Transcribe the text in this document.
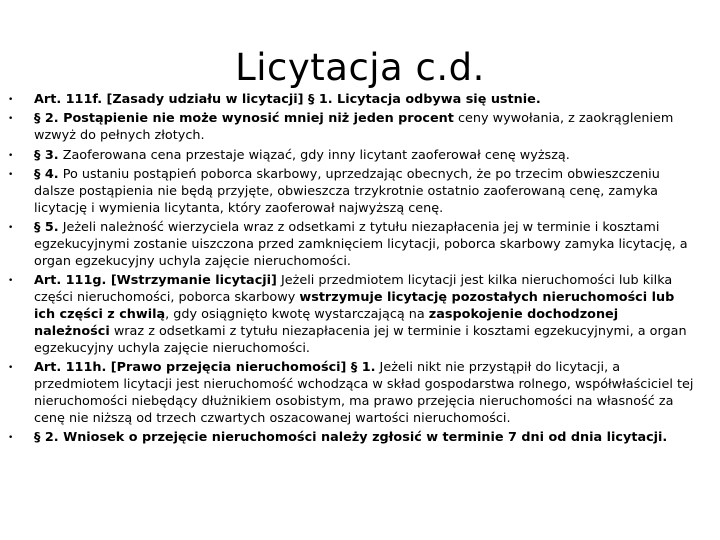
Licytacja c.d.
• Art. 111f. [Zasady udziału w licytacji] § 1. Licytacja odbywa się ustnie.
• § 2. Postąpienie nie może wynosić mniej niż jeden procent ceny wywołania, z zaokrągleniem wzwyż do pełnych złotych.
• § 3. Zaoferowana cena przestaje wiązać, gdy inny licytant zaoferował cenę wyższą.
• § 4. Po ustaniu postąpień poborca skarbowy, uprzedzając obecnych, że po trzecim obwieszczeniu dalsze postąpienia nie będą przyjęte, obwieszcza trzykrotnie ostatnio zaoferowaną cenę, zamyka licytację i wymienia licytanta, który zaoferował najwyższą cenę.
• § 5. Jeżeli należność wierzyciela wraz z odsetkami z tytułu niezapłacenia jej w terminie i kosztami egzekucyjnymi zostanie uiszczona przed zamknięciem licytacji, poborca skarbowy zamyka licytację, a organ egzekucyjny uchyla zajęcie nieruchomości.
• Art. 111g. [Wstrzymanie licytacji] Jeżeli przedmiotem licytacji jest kilka nieruchomości lub kilka części nieruchomości, poborca skarbowy wstrzymuje licytację pozostałych nieruchomości lub ich części z chwilą, gdy osiągnięto kwotę wystarczającą na zaspokojenie dochodzonej należności wraz z odsetkami z tytułu niezapłacenia jej w terminie i kosztami egzekucyjnymi, a organ egzekucyjny uchyla zajęcie nieruchomości.
• Art. 111h. [Prawo przejęcia nieruchomości] § 1. Jeżeli nikt nie przystąpił do licytacji, a przedmiotem licytacji jest nieruchomość wchodząca w skład gospodarstwa rolnego, współwłaściciel tej nieruchomości niebędący dłużnikiem osobistym, ma prawo przejęcia nieruchomości na własność za cenę nie niższą od trzech czwartych oszacowanej wartości nieruchomości.
• § 2. Wniosek o przejęcie nieruchomości należy zgłosić w terminie 7 dni od dnia licytacji.
